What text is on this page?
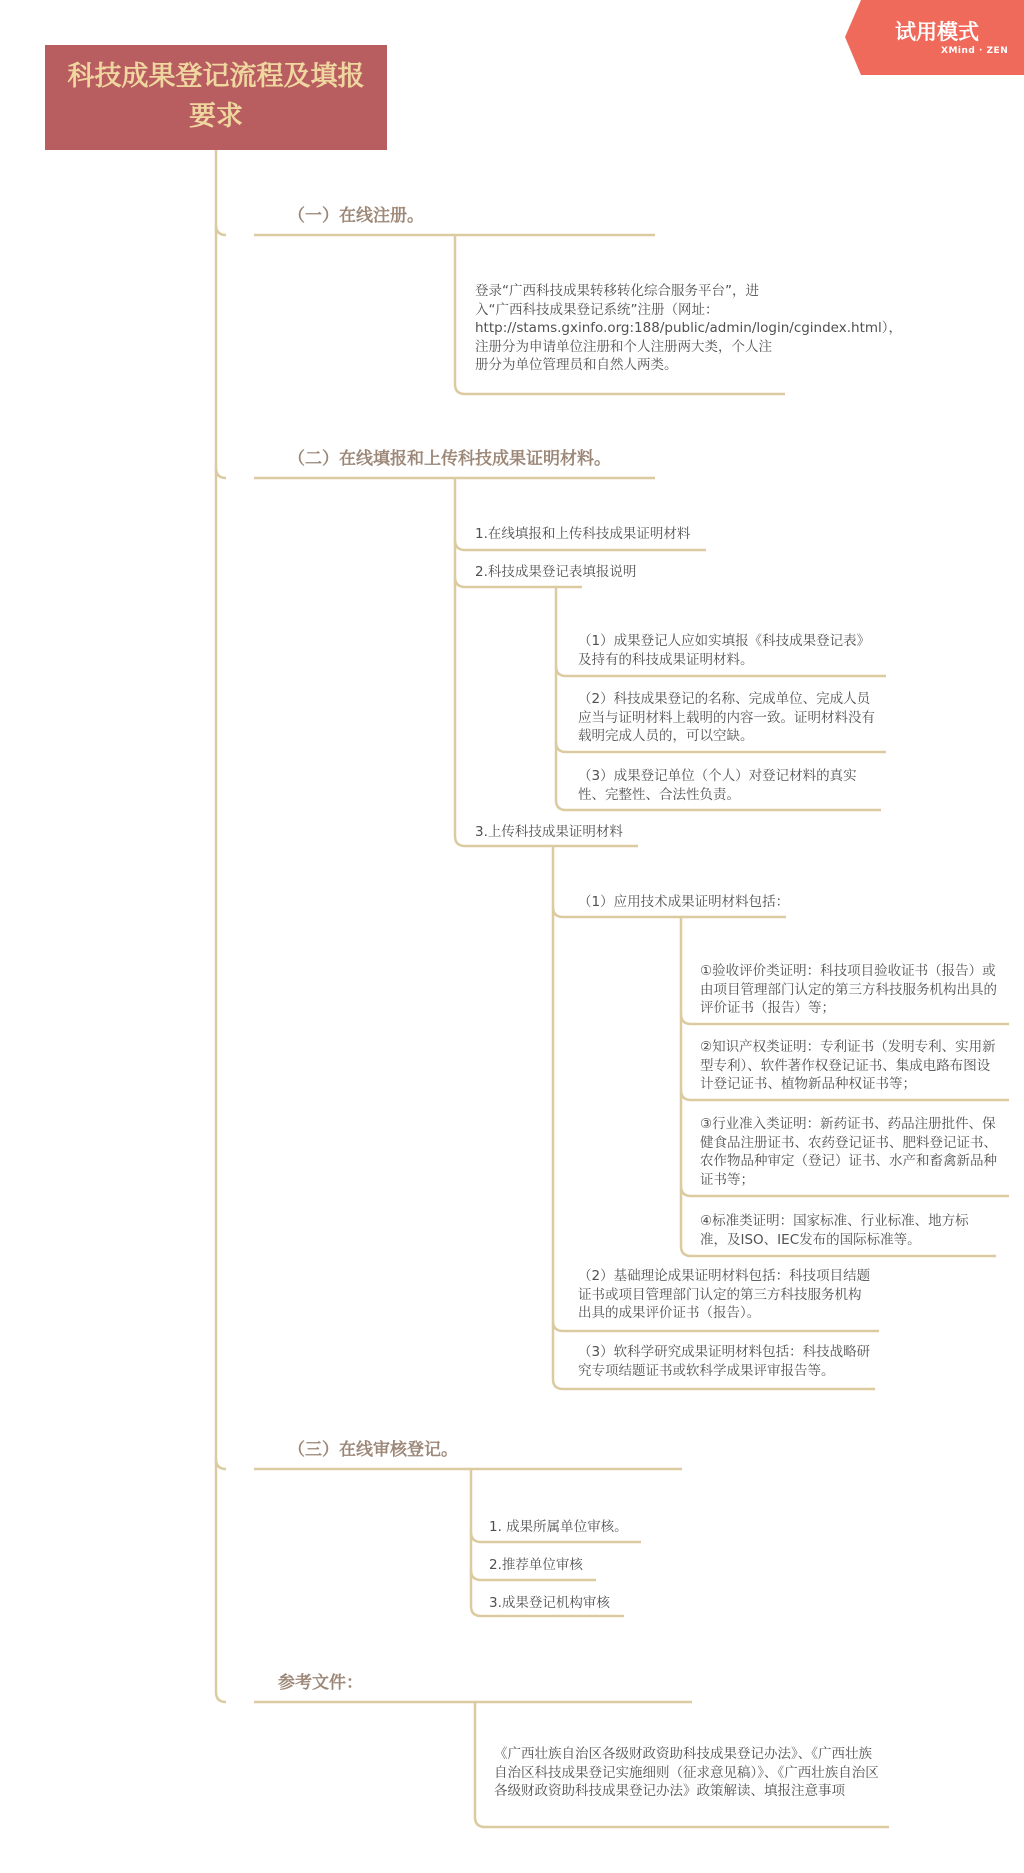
试用模式
XMind · ZEN
科技成果登记流程及填报要求
（一）在线注册。
登录“广西科技成果转移转化综合服务平台”，进入“广西科技成果登记系统”注册（网址：http://stams.gxinfo.org:188/public/admin/login/cgindex.html），注册分为申请单位注册和个人注册两大类，个人注册分为单位管理员和自然人两类。
（二）在线填报和上传科技成果证明材料。
1.在线填报和上传科技成果证明材料
2.科技成果登记表填报说明
（1）成果登记人应如实填报《科技成果登记表》及持有的科技成果证明材料。
（2）科技成果登记的名称、完成单位、完成人员应当与证明材料上载明的内容一致。证明材料没有载明完成人员的，可以空缺。
（3）成果登记单位（个人）对登记材料的真实性、完整性、合法性负责。
3.上传科技成果证明材料
（1）应用技术成果证明材料包括：
①验收评价类证明：科技项目验收证书（报告）或由项目管理部门认定的第三方科技服务机构出具的评价证书（报告）等；
②知识产权类证明：专利证书（发明专利、实用新型专利）、软件著作权登记证书、集成电路布图设计登记证书、植物新品种权证书等；
③行业准入类证明：新药证书、药品注册批件、保健食品注册证书、农药登记证书、肥料登记证书、农作物品种审定（登记）证书、水产和畜禽新品种证书等；
④标准类证明：国家标准、行业标准、地方标准，及ISO、IEC发布的国际标准等。
（2）基础理论成果证明材料包括：科技项目结题证书或项目管理部门认定的第三方科技服务机构出具的成果评价证书（报告）。
（3）软科学研究成果证明材料包括：科技战略研究专项结题证书或软科学成果评审报告等。
（三）在线审核登记。
1. 成果所属单位审核。
2.推荐单位审核
3.成果登记机构审核
参考文件：
《广西壮族自治区各级财政资助科技成果登记办法》、《广西壮族自治区科技成果登记实施细则（征求意见稿）》、《广西壮族自治区各级财政资助科技成果登记办法》政策解读、填报注意事项
